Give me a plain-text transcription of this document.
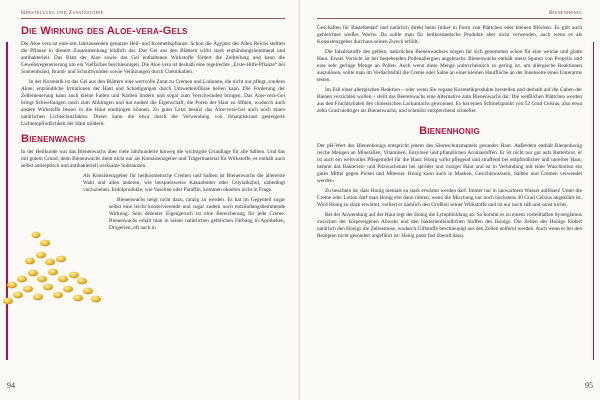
Herstellung und Zusatzstoffe
Die Wirkung des Aloe-vera-Gels

Die Aloe vera ist eine seit Jahrtausenden genutzte Heil- und Kosmetikpflanze. Schon die Ägypter des Alten Reichs stellten die Pflanze in diesem Zusammenhang bildlich dar. Das Gel aus den Blättern wirkt stark entzündungshemmend und antibakteriell. Das Blatt der Aloe sowie das Gel enthaltenen Wirkstoffe fördert die Zellteilung und kann die Gewebsregenerierung um ein Vielfaches beschleunigen. Die Aloe vera ist deshalb eine regelrechte „Erste-Hilfe-Pflanze“ bei Sonnenbrand, Brand- und Schnittwunden sowie Verätzungen durch Chemikalien.

In der Kosmetik ist das Gel aus den Blättern eine wertvolle Zutat zu Cremen und Lotionen, die nicht nur pflegt, sondern Akne, entzündliche Irritationen der Haut und Schädigungen durch Umwelteinflüsse heilen kann. Die Förderung der Zellerneuerung kann auch kleine Falten und Narben lindern und sogar zum Verschwinden bringen. Das Aloe-vera-Gel bringt Schwellungen rasch zum Abklingen und hat zudem die Eigenschaft, die Poren der Haut zu öffnen, wodurch auch andere Wirkstoffe besser in die Haut eindringen können. Zu guter Letzt besitzt das Aloe-vera-Gel auch noch einen natürlichen Lichtschutzfaktor. Dieser kann die etwa durch die Verwendung von Johanniskraut gesteigerte Lichtempfindlichkeit der Haut mildern.

Bienenwachs

In der Heilkunde war das Bienenwachs über viele Jahrhunderte hinweg die wichtigste Grundlage für alle Salben. Und das mit gutem Grund, denn Bienenwachs dient nicht nur als Konsistenzgeber und Trägermaterial für Wirkstoffe, es enthält auch selbst antiseptisch und antibakteriell wirksame Substanzen.

Als Konsistenzgeber für heilkosmetische Cremen und Salben ist Bienenwachs die allererste Wahl und allen anderen, wie beispielsweise Kakaobutter oder Cetylalkohol, unbedingt vorzuziehen. Erdölprodukte, wie Vaseline oder Paraffin, kommen ohnehin nicht in Frage.

Bienenwachs neigt nicht dazu, ranzig zu werden. Es hat im Gegenteil sogar selbst eine leicht konservierende und sogar zudem noch entzündungshemmende Wirkung. Sein dezenter Eigengeruch ist eine Bereicherung für jede Creme. Bienenwachs erhält man in seiner natürlichen gelblichen Färbung in Apotheken, Drogerien, oft auch in

94
Bienenhonig

Geschäften für Bastelbedarf und natürlich direkt beim Imker in Form von Plättchen oder kleinen Blöcken. Es gibt auch gebleichtes weißes Wachs. Da sollte man für heilkosmetische Produkte aber nicht verwenden, auch wenn es als Konsistenzgeber durchaus seinen Zweck erfüllt.

Die Inhaltsstoffe des gelben, natürlichen Bienenwachses sorgen für sich genommen schon für eine weiche und glatte Haut. Etwas Vorsicht ist bei bestehenden Pollenallergien angebracht. Bienenwachs enthält meist Spuren von Propolis und eine sehr geringe Menge an Pollen. Auch wenn diese Menge wahrscheinlich zu gering ist, um allergische Reaktionen auszulösen, sollte man im Verdachtsfall die Creme oder Salbe an einer kleinen Hautfläche an der Innenseite eines Unterarms testen.

Im Fall einer allergischen Reaktion – oder wenn Sie vegane Kosmetikprodukte herstellen und deshalb auf die Gaben der Bienen verzichten wollen – stellt das Beerenwachs eine Alternative zum Bienenwachs dar. Die weißlichen Plättchen werden aus den Fruchtschalen des chinesischen Lackumachs gewonnen. Es hat einen Schmelzpunkt von 52 Grad Celsius, also etwa zehn Grad niedriger als Bienenwachs, und schmilzt entsprechend schneller.

Bienenhonig

Der pH-Wert des Bienenhonigs entspricht jenem des Säureschutzmantels gesunder Haut. Außerdem enthält Bienenhonig reiche Mengen an Mineralien, Vitaminen, Enzymen und pflanzlichen Aromastoffen. Er ist nicht nur gut aufs Butterbrot, er ist auch ein wertvolles Pflegemittel für die Haut. Honig wirkt pflegend und straffend bei empfindlicher und unreiner Haut, hemmt das Bakterien- und Pilzwachstum bei spröder und rissiger Haut und ist in Verbindung mit einer Waschlotion ein gutes Mittel gegen Pickel und Mitesser. Honig kann auch in Masken, Gesichtswassern, Salben und Cremen verwendet werden.

Zu beachten ist, dass Honig niemals zu stark erwärmt werden darf. Immer nur in lauwarmem Wasser auflösen! Unter die Creme oder Lotion darf man Honig erst dann rühren, wenn die Mischung nur noch höchstens 40 Grad Celsius abgekühlt ist. Wird Honig zu stark erwärmt, verliert er nämlich den Großteil seiner Wirkstoffe und ist nur noch süß und sonst nichts.

Bei der Anwendung auf der Haut regt der Honig die Lymphbildung an. So kommt es zu einem vorteilhaften Synergismus zwischen der körpereigenen Abwehr und den bakterienfeindlichen Stoffen des Honigs. Die Zellen des Honigs fördert natürlich den Honigs die Zellosmose, wodurch Giftstoffe beschleunigt aus den Zellen entfernt werden. Auch wenn er bei den Rezepten nicht gesondert angeführt ist: Honig passt fast überall dazu.

95
